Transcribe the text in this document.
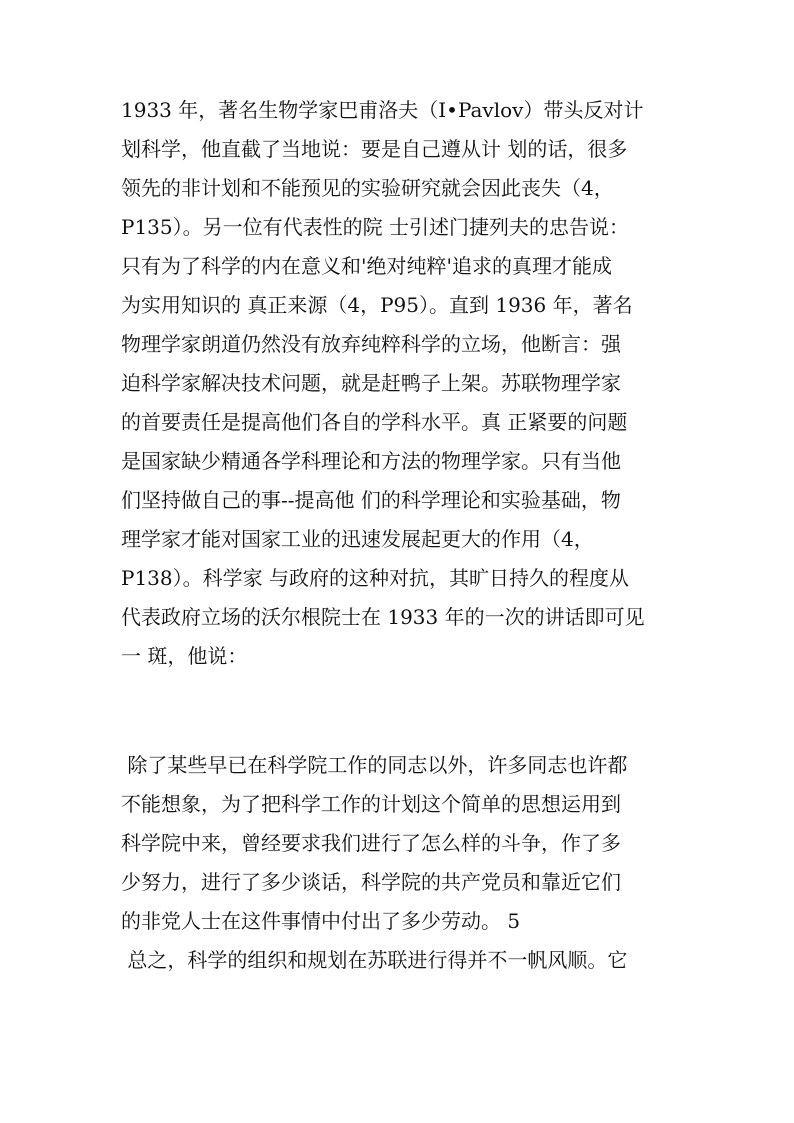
1933 年，著名生物学家巴甫洛夫（I•Pavlov）带头反对计

划科学，他直截了当地说：要是自己遵从计 划的话，很多

领先的非计划和不能预见的实验研究就会因此丧失（4，

P135）。另一位有代表性的院 士引述门捷列夫的忠告说：

只有为了科学的内在意义和'绝对纯粹'追求的真理才能成

为实用知识的 真正来源（4，P95）。直到 1936 年，著名

物理学家朗道仍然没有放弃纯粹科学的立场，他断言：强

迫科学家解决技术问题，就是赶鸭子上架。苏联物理学家

的首要责任是提高他们各自的学科水平。真 正紧要的问题

是国家缺少精通各学科理论和方法的物理学家。只有当他

们坚持做自己的事--提高他 们的科学理论和实验基础，物

理学家才能对国家工业的迅速发展起更大的作用（4，

P138）。科学家 与政府的这种对抗，其旷日持久的程度从

代表政府立场的沃尔根院士在 1933 年的一次的讲话即可见

一 斑，他说：

除了某些早已在科学院工作的同志以外，许多同志也许都

不能想象，为了把科学工作的计划这个简单的思想运用到

科学院中来，曾经要求我们进行了怎么样的斗争，作了多

少努力，进行了多少谈话，科学院的共产党员和靠近它们

的非党人士在这件事情中付出了多少劳动。 5

总之，科学的组织和规划在苏联进行得并不一帆风顺。它
